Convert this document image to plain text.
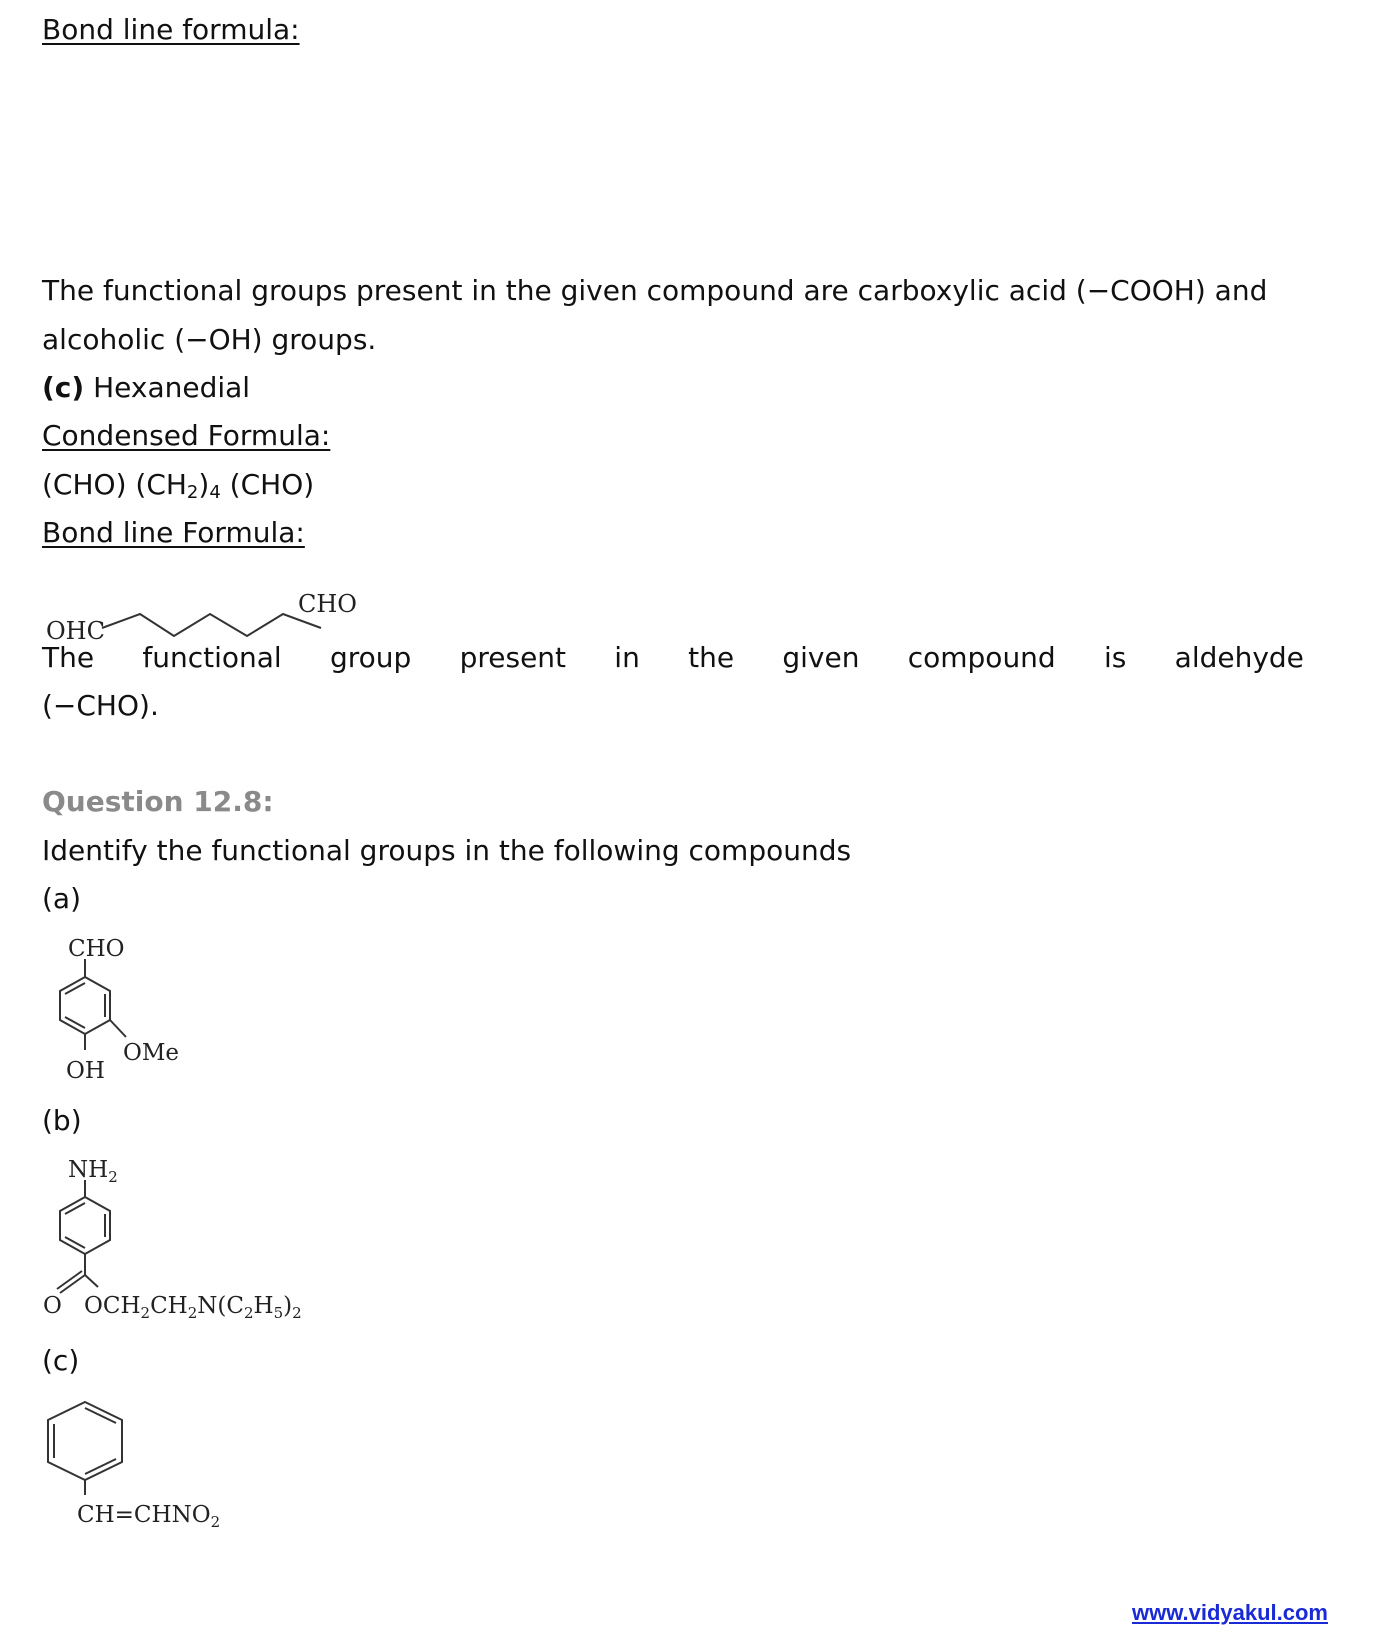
Bond line formula:
The functional groups present in the given compound are carboxylic acid (−COOH) and
alcoholic (−OH) groups.
(c) Hexanedial
Condensed Formula:
(CHO) $(CH_2)_4$ (CHO)
Bond line Formula:
OHC
CHO
The functional group present in the given compound is aldehyde
(−CHO).
Question 12.8:
Identify the functional groups in the following compounds
(a)
CHO
OMe
OH
(b)
$NH_2$
O $OCH_2CH_2N(C_2H_5)_2$
(c)
$CH=CHNO_2$
www.vidyakul.com
